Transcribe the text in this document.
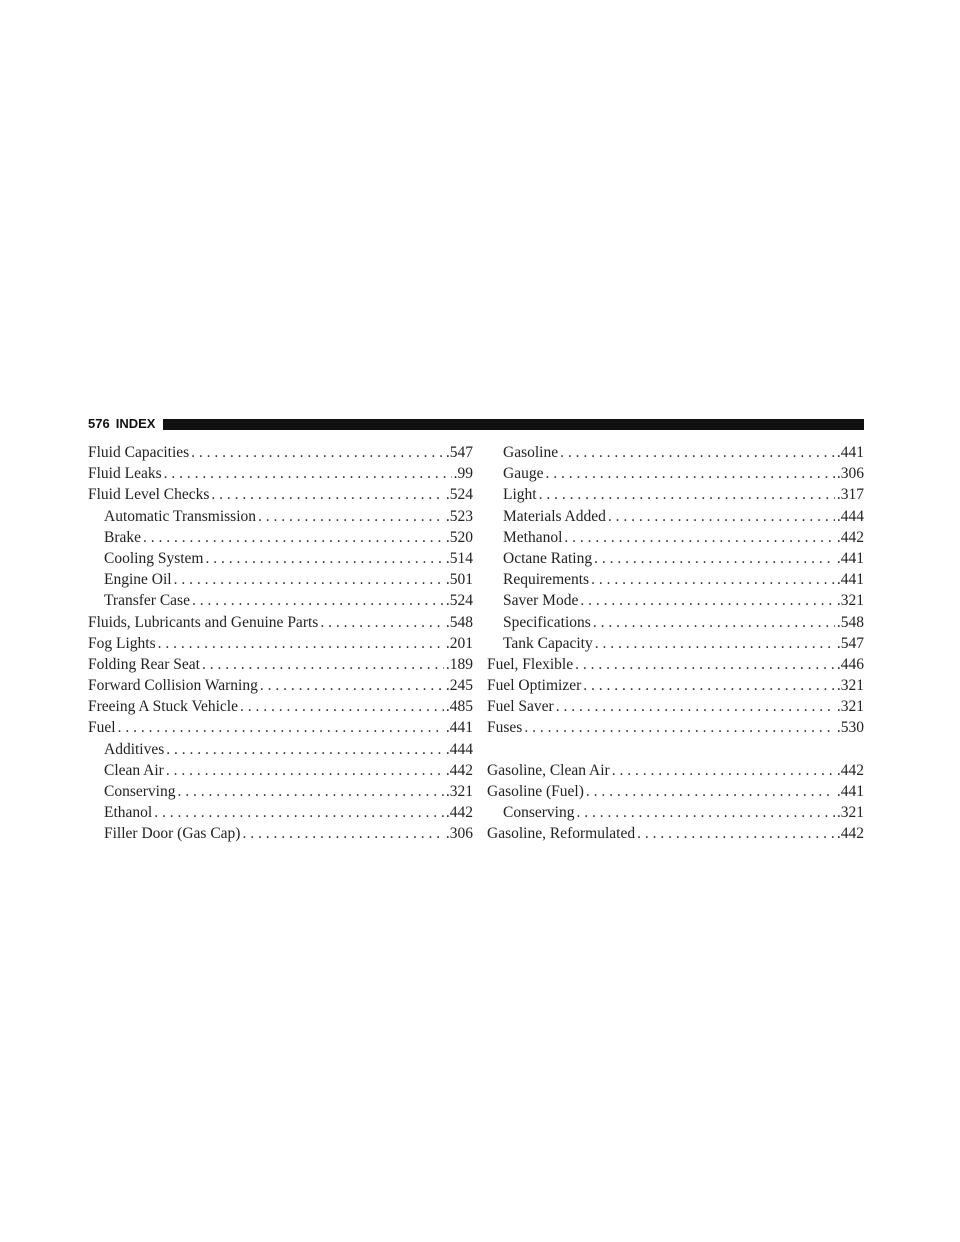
576 INDEX
Fluid Capacities . . .	.547
Fluid Leaks . . .	.99
Fluid Level Checks . . .	.524
Automatic Transmission . . .	.523
Brake . . .	.520
Cooling System . . .	.514
Engine Oil . . .	.501
Transfer Case . . .	.524
Fluids, Lubricants and Genuine Parts . . .	.548
Fog Lights . . .	.201
Folding Rear Seat . . .	.189
Forward Collision Warning . . .	.245
Freeing A Stuck Vehicle . . .	.485
Fuel . . .	.441
Additives . . .	.444
Clean Air . . .	.442
Conserving . . .	.321
Ethanol . . .	.442
Filler Door (Gas Cap) . . .	.306
Gasoline . . .	.441
Gauge . . .	.306
Light . . .	.317
Materials Added . . .	.444
Methanol . . .	.442
Octane Rating . . .	.441
Requirements . . .	.441
Saver Mode . . .	.321
Specifications . . .	.548
Tank Capacity . . .	.547
Fuel, Flexible . . .	.446
Fuel Optimizer . . .	.321
Fuel Saver . . .	.321
Fuses . . .	.530
Gasoline, Clean Air . . .	.442
Gasoline (Fuel) . . .	.441
Conserving . . .	.321
Gasoline, Reformulated . . .	.442
